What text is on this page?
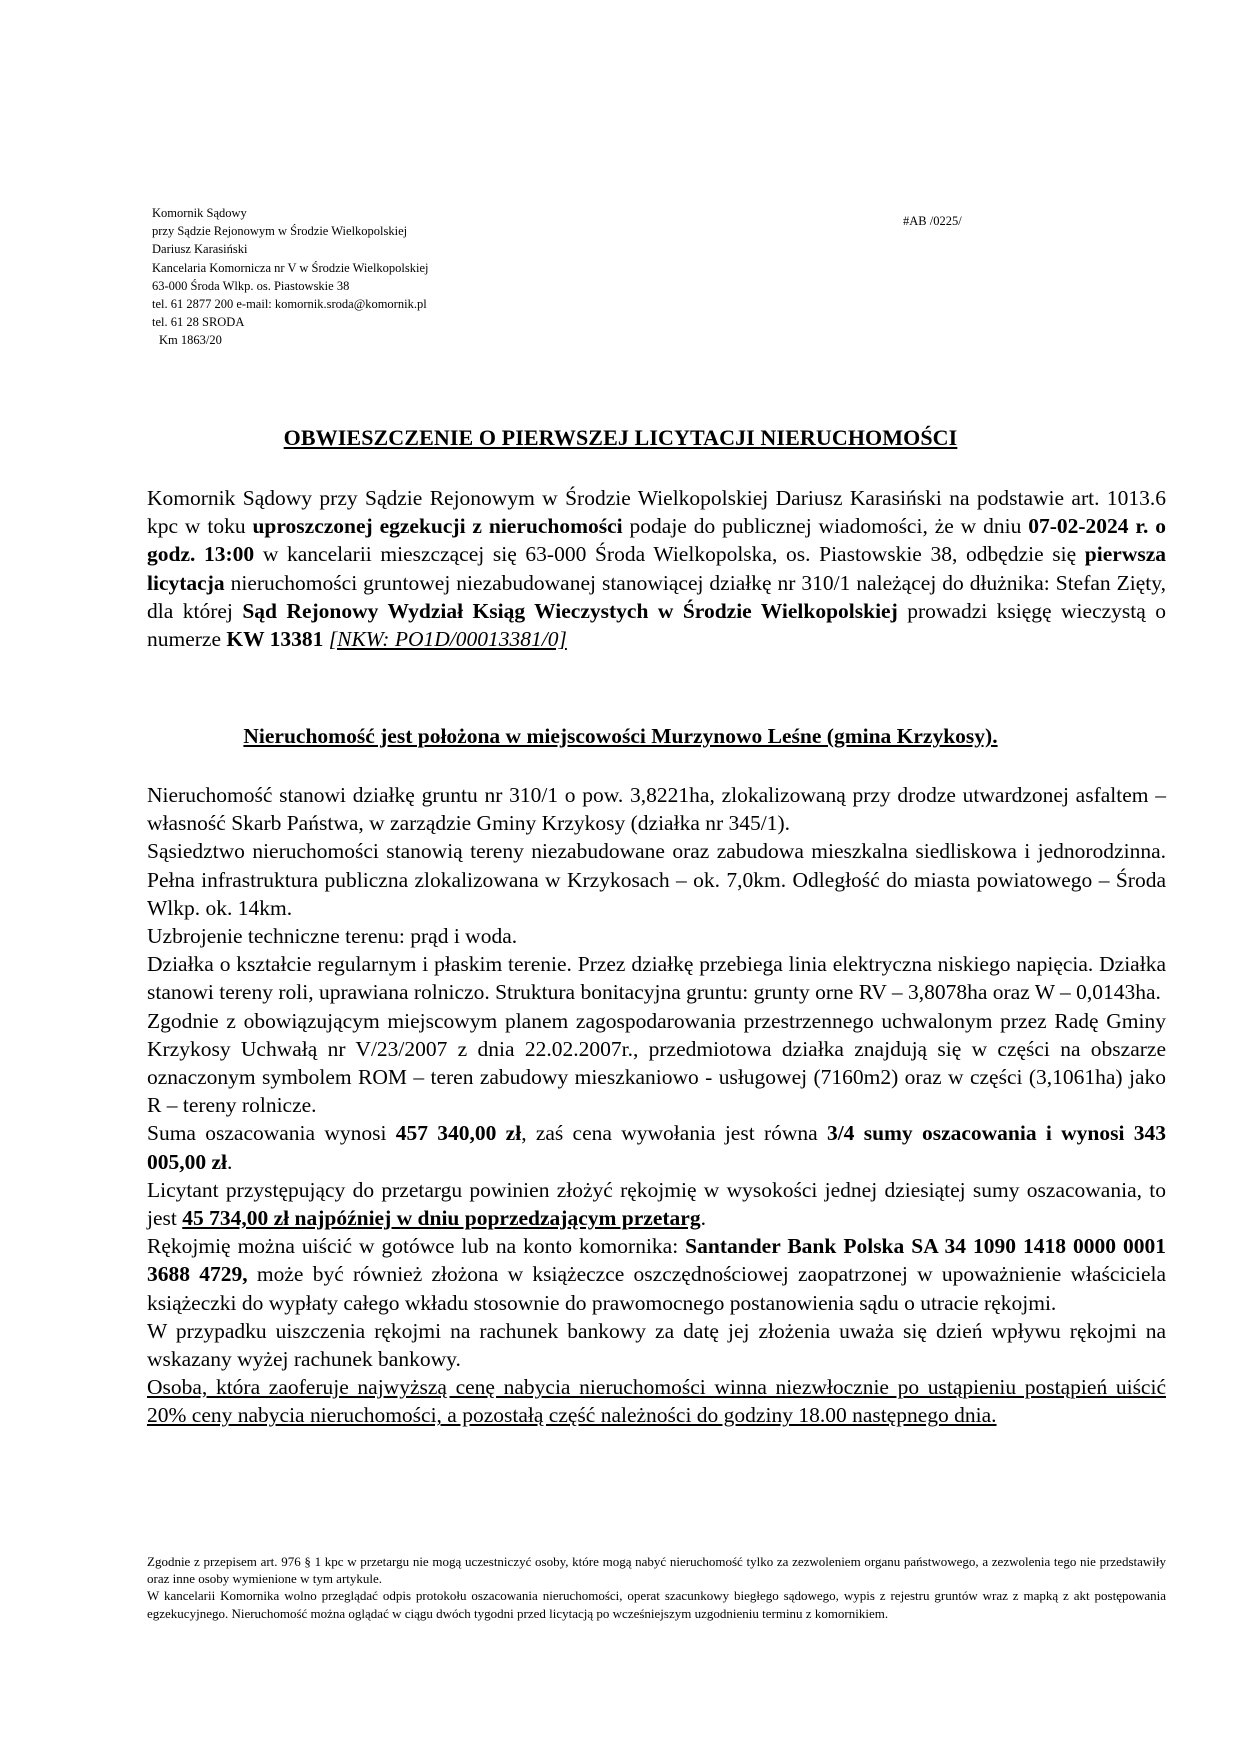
Komornik Sądowy
przy Sądzie Rejonowym w Środzie Wielkopolskiej
Dariusz Karasiński
Kancelaria Komornicza nr V w Środzie Wielkopolskiej
63-000 Środa Wlkp. os. Piastowskie 38
tel. 61 2877 200 e-mail: komornik.sroda@komornik.pl
tel. 61 28 SRODA
Km 1863/20
#AB /0225/
OBWIESZCZENIE O PIERWSZEJ LICYTACJI NIERUCHOMOŚCI

Komornik Sądowy przy Sądzie Rejonowym w Środzie Wielkopolskiej Dariusz Karasiński na podstawie art. 1013.6 kpc w toku uproszczonej egzekucji z nieruchomości podaje do publicznej wiadomości, że w dniu 07-02-2024 r. o godz. 13:00 w kancelarii mieszczącej się 63-000 Środa Wielkopolska, os. Piastowskie 38, odbędzie się pierwsza licytacja nieruchomości gruntowej niezabudowanej stanowiącej działkę nr 310/1 należącej do dłużnika: Stefan Zięty, dla której Sąd Rejonowy Wydział Ksiąg Wieczystych w Środzie Wielkopolskiej prowadzi księgę wieczystą o numerze KW 13381 [NKW: PO1D/00013381/0]

Nieruchomość jest położona w miejscowości Murzynowo Leśne (gmina Krzykosy).

Nieruchomość stanowi działkę gruntu nr 310/1 o pow. 3,8221ha, zlokalizowaną przy drodze utwardzonej asfaltem – własność Skarb Państwa, w zarządzie Gminy Krzykosy (działka nr 345/1).

Sąsiedztwo nieruchomości stanowią tereny niezabudowane oraz zabudowa mieszkalna siedliskowa i jednorodzinna. Pełna infrastruktura publiczna zlokalizowana w Krzykosach – ok. 7,0km. Odległość do miasta powiatowego – Środa Wlkp. ok. 14km.

Uzbrojenie techniczne terenu: prąd i woda.

Działka o kształcie regularnym i płaskim terenie. Przez działkę przebiega linia elektryczna niskiego napięcia. Działka stanowi tereny roli, uprawiana rolniczo. Struktura bonitacyjna gruntu: grunty orne RV – 3,8078ha oraz W – 0,0143ha.

Zgodnie z obowiązującym miejscowym planem zagospodarowania przestrzennego uchwalonym przez Radę Gminy Krzykosy Uchwałą nr V/23/2007 z dnia 22.02.2007r., przedmiotowa działka znajdują się w części na obszarze oznaczonym symbolem ROM – teren zabudowy mieszkaniowo - usługowej (7160m2) oraz w części (3,1061ha) jako R – tereny rolnicze.

Suma oszacowania wynosi 457 340,00 zł, zaś cena wywołania jest równa 3/4 sumy oszacowania i wynosi 343 005,00 zł.

Licytant przystępujący do przetargu powinien złożyć rękojmię w wysokości jednej dziesiątej sumy oszacowania, to jest 45 734,00 zł najpóźniej w dniu poprzedzającym przetarg.

Rękojmię można uiścić w gotówce lub na konto komornika: Santander Bank Polska SA 34 1090 1418 0000 0001 3688 4729, może być również złożona w książeczce oszczędnościowej zaopatrzonej w upoważnienie właściciela książeczki do wypłaty całego wkładu stosownie do prawomocnego postanowienia sądu o utracie rękojmi.

W przypadku uiszczenia rękojmi na rachunek bankowy za datę jej złożenia uważa się dzień wpływu rękojmi na wskazany wyżej rachunek bankowy.

Osoba, która zaoferuje najwyższą cenę nabycia nieruchomości winna niezwłocznie po ustąpieniu postąpień uiścić 20% ceny nabycia nieruchomości, a pozostałą część należności do godziny 18.00 następnego dnia.

Zgodnie z przepisem art. 976 § 1 kpc w przetargu nie mogą uczestniczyć osoby, które mogą nabyć nieruchomość tylko za zezwoleniem organu państwowego, a zezwolenia tego nie przedstawiły oraz inne osoby wymienione w tym artykule.

W kancelarii Komornika wolno przeglądać odpis protokołu oszacowania nieruchomości, operat szacunkowy biegłego sądowego, wypis z rejestru gruntów wraz z mapką z akt postępowania egzekucyjnego. Nieruchomość można oglądać w ciągu dwóch tygodni przed licytacją po wcześniejszym uzgodnieniu terminu z komornikiem.
